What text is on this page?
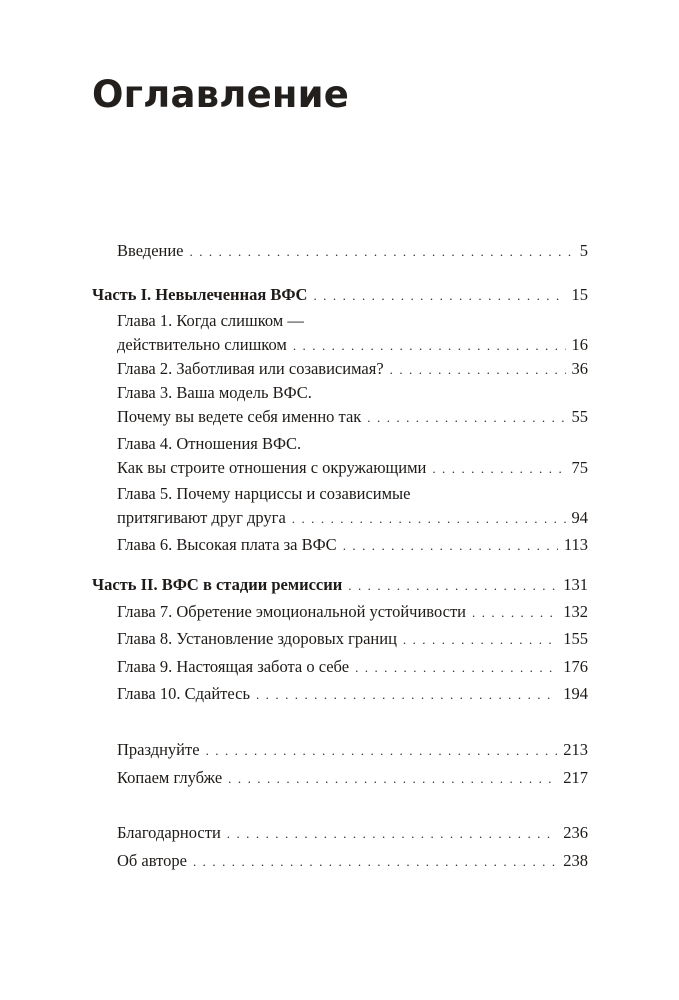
Оглавление
Введение . . .	5
Часть I. Невылеченная ВФС . . .	15
Глава 1. Когда слишком —
действительно слишком . . .	16
Глава 2. Заботливая или созависимая? . . .	36
Глава 3. Ваша модель ВФС.
Почему вы ведете себя именно так . . .	55
Глава 4. Отношения ВФС.
Как вы строите отношения с окружающими . . .	75
Глава 5. Почему нарциссы и созависимые
притягивают друг друга . . .	94
Глава 6. Высокая плата за ВФС . . .	113
Часть II. ВФС в стадии ремиссии . . .	131
Глава 7. Обретение эмоциональной устойчивости . . .	132
Глава 8. Установление здоровых границ . . .	155
Глава 9. Настоящая забота о себе . . .	176
Глава 10. Сдайтесь . . .	194
Празднуйте . . .	213
Копаем глубже . . .	217
Благодарности . . .	236
Об авторе . . .	238
